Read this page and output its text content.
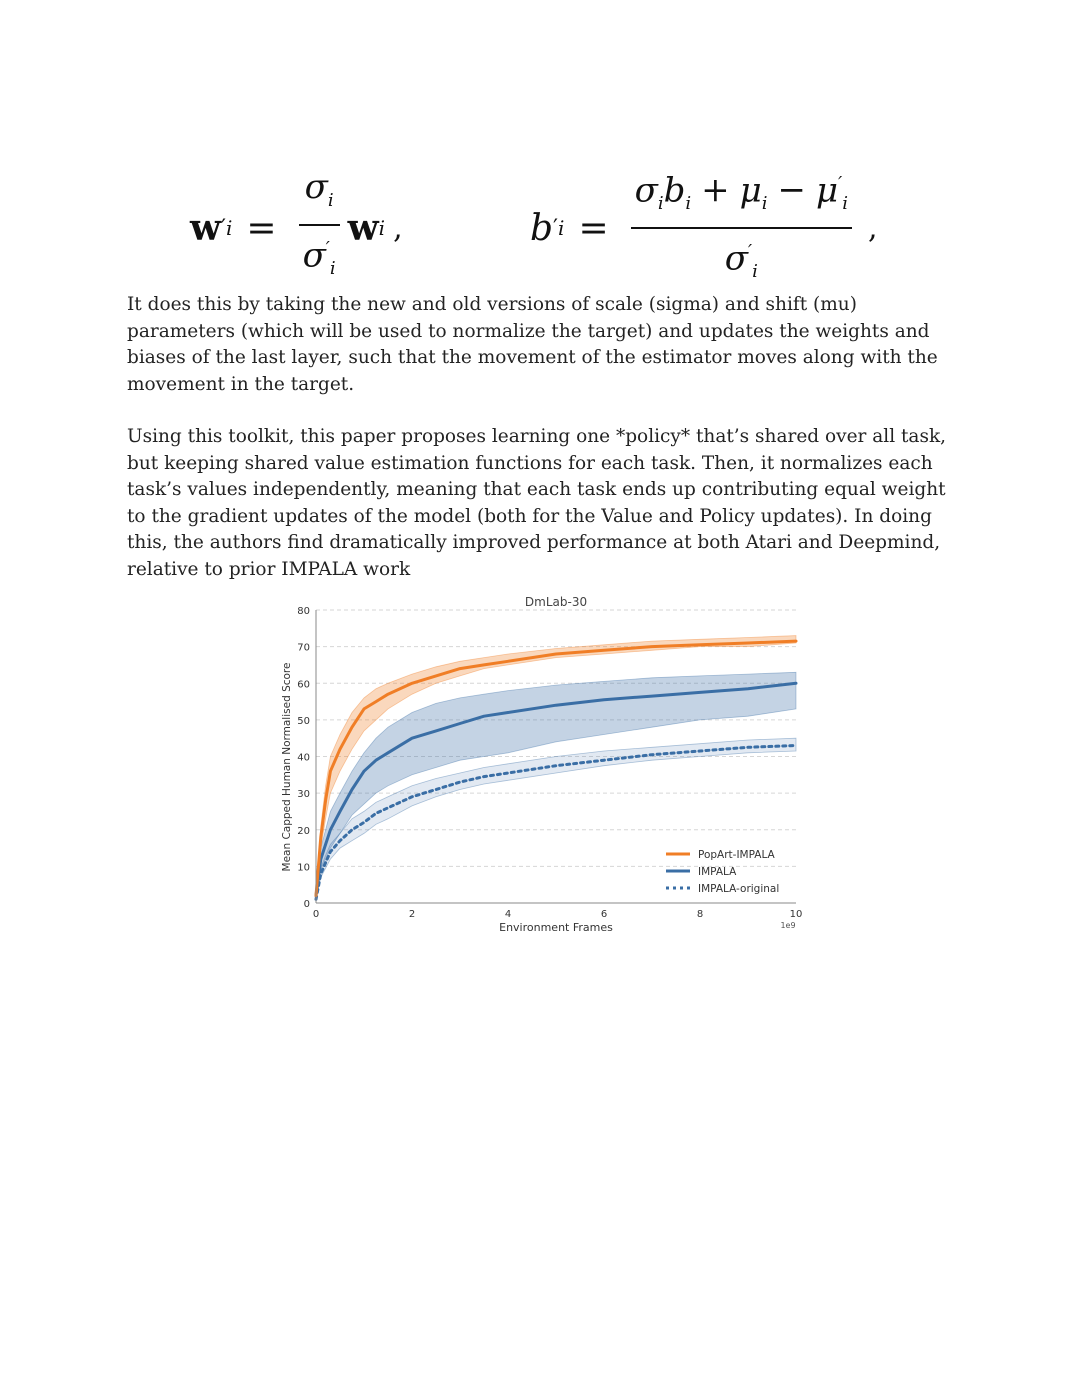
w ′ $i = \frac{\sigma_i}{\sigma'_i}$ w i ,	b ′ $i = \frac{\sigma_ib_i + \mu_i - \mu'_i}{\sigma'_i}$ ,

It does this by taking the new and old versions of scale (sigma) and shift (mu) parameters (which will be used to normalize the target) and updates the weights and biases of the last layer, such that the movement of the estimator moves along with the movement in the target.

Using this toolkit, this paper proposes learning one *policy* that’s shared over all task, but keeping shared value estimation functions for each task. Then, it normalizes each task’s values independently, meaning that each task ends up contributing equal weight to the gradient updates of the model (both for the Value and Policy updates). In doing this, the authors find dramatically improved performance at both Atari and Deepmind, relative to prior IMPALA work

0
10
20
30
40
50
60
70
80
0	2	4	6	8	10
DmLab-30
Environment Frames
Mean Capped Human Normalised Score
1e9
PopArt-IMPALA
IMPALA
IMPALA-original
